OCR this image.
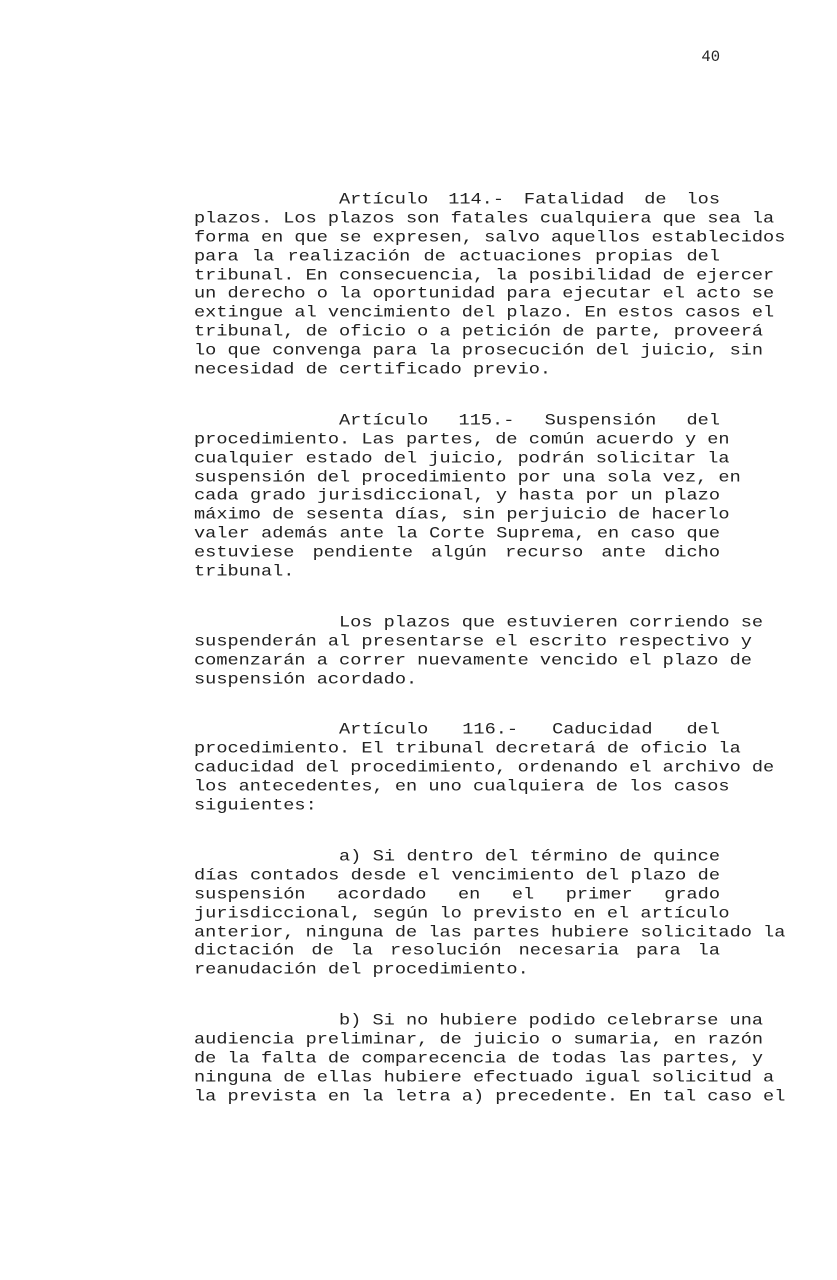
40
Artículo 114.- Fatalidad de los
plazos. Los plazos son fatales cualquiera que sea la
forma en que se expresen, salvo aquellos establecidos
para la realización de actuaciones propias del
tribunal. En consecuencia, la posibilidad de ejercer
un derecho o la oportunidad para ejecutar el acto se
extingue al vencimiento del plazo. En estos casos el
tribunal, de oficio o a petición de parte, proveerá
lo que convenga para la prosecución del juicio, sin
necesidad de certificado previo.
Artículo 115.- Suspensión del
procedimiento. Las partes, de común acuerdo y en
cualquier estado del juicio, podrán solicitar la
suspensión del procedimiento por una sola vez, en
cada grado jurisdiccional, y hasta por un plazo
máximo de sesenta días, sin perjuicio de hacerlo
valer además ante la Corte Suprema, en caso que
estuviese pendiente algún recurso ante dicho
tribunal.
Los plazos que estuvieren corriendo se
suspenderán al presentarse el escrito respectivo y
comenzarán a correr nuevamente vencido el plazo de
suspensión acordado.
Artículo 116.- Caducidad del
procedimiento. El tribunal decretará de oficio la
caducidad del procedimiento, ordenando el archivo de
los antecedentes, en uno cualquiera de los casos
siguientes:
a) Si dentro del término de quince
días contados desde el vencimiento del plazo de
suspensión acordado en el primer grado
jurisdiccional, según lo previsto en el artículo
anterior, ninguna de las partes hubiere solicitado la
dictación de la resolución necesaria para la
reanudación del procedimiento.
b) Si no hubiere podido celebrarse una
audiencia preliminar, de juicio o sumaria, en razón
de la falta de comparecencia de todas las partes, y
ninguna de ellas hubiere efectuado igual solicitud a
la prevista en la letra a) precedente. En tal caso el
